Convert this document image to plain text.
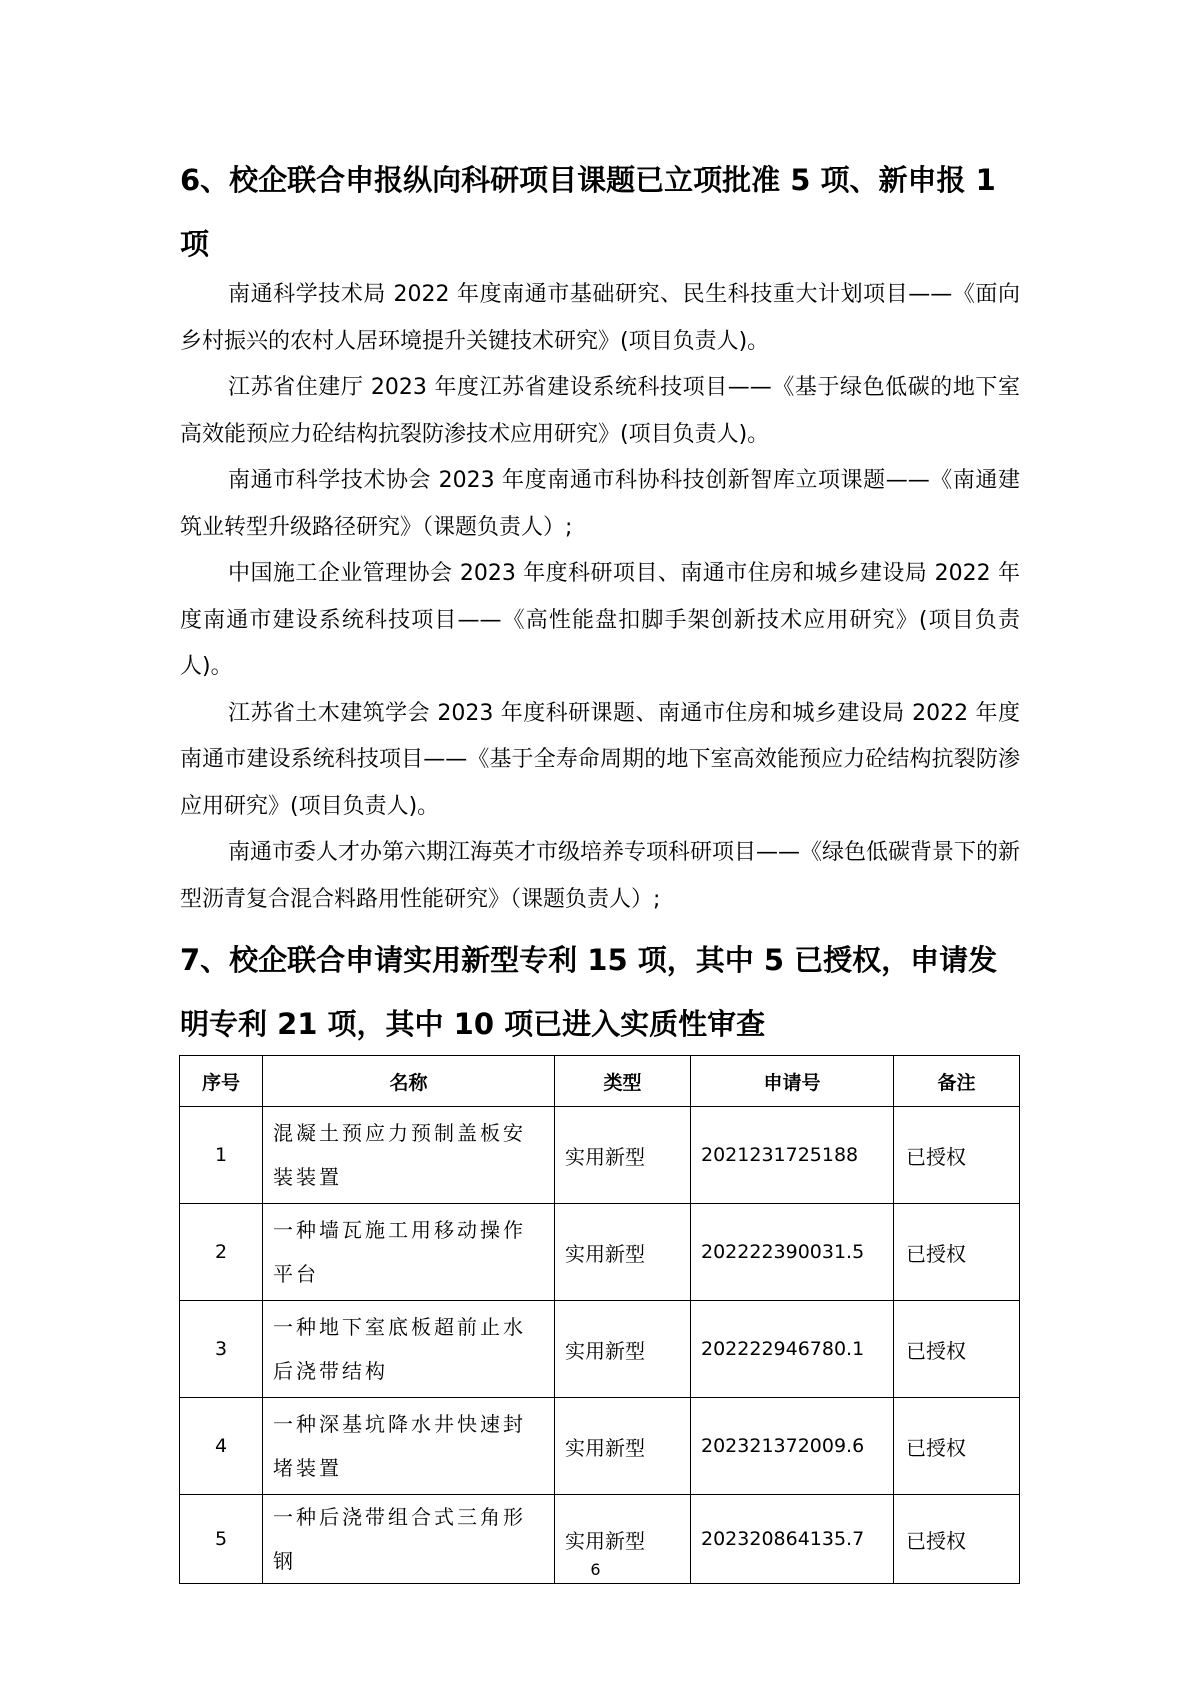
6、校企联合申报纵向科研项目课题已立项批准 5 项、新申报 1 项

南通科学技术局 2022 年度南通市基础研究、民生科技重大计划项目——《面向乡村振兴的农村人居环境提升关键技术研究》(项目负责人)。

江苏省住建厅 2023 年度江苏省建设系统科技项目——《基于绿色低碳的地下室高效能预应力砼结构抗裂防渗技术应用研究》(项目负责人)。

南通市科学技术协会 2023 年度南通市科协科技创新智库立项课题——《南通建筑业转型升级路径研究》（课题负责人）;

中国施工企业管理协会 2023 年度科研项目、南通市住房和城乡建设局 2022 年度南通市建设系统科技项目——《高性能盘扣脚手架创新技术应用研究》(项目负责人)。

江苏省土木建筑学会 2023 年度科研课题、南通市住房和城乡建设局 2022 年度南通市建设系统科技项目——《基于全寿命周期的地下室高效能预应力砼结构抗裂防渗应用研究》(项目负责人)。

南通市委人才办第六期江海英才市级培养专项科研项目——《绿色低碳背景下的新型沥青复合混合料路用性能研究》（课题负责人）;

7、校企联合申请实用新型专利 15 项，其中 5 已授权，申请发明专利 21 项，其中 10 项已进入实质性审查
序号	名称	类型	申请号	备注
1	混凝土预应力预制盖板安装装置	实用新型	2021231725188	已授权
2	一种墙瓦施工用移动操作平台	实用新型	202222390031.5	已授权
3	一种地下室底板超前止水后浇带结构	实用新型	202222946780.1	已授权
4	一种深基坑降水井快速封堵装置	实用新型	202321372009.6	已授权
5	一种后浇带组合式三角形钢	实用新型	202320864135.7	已授权
6
